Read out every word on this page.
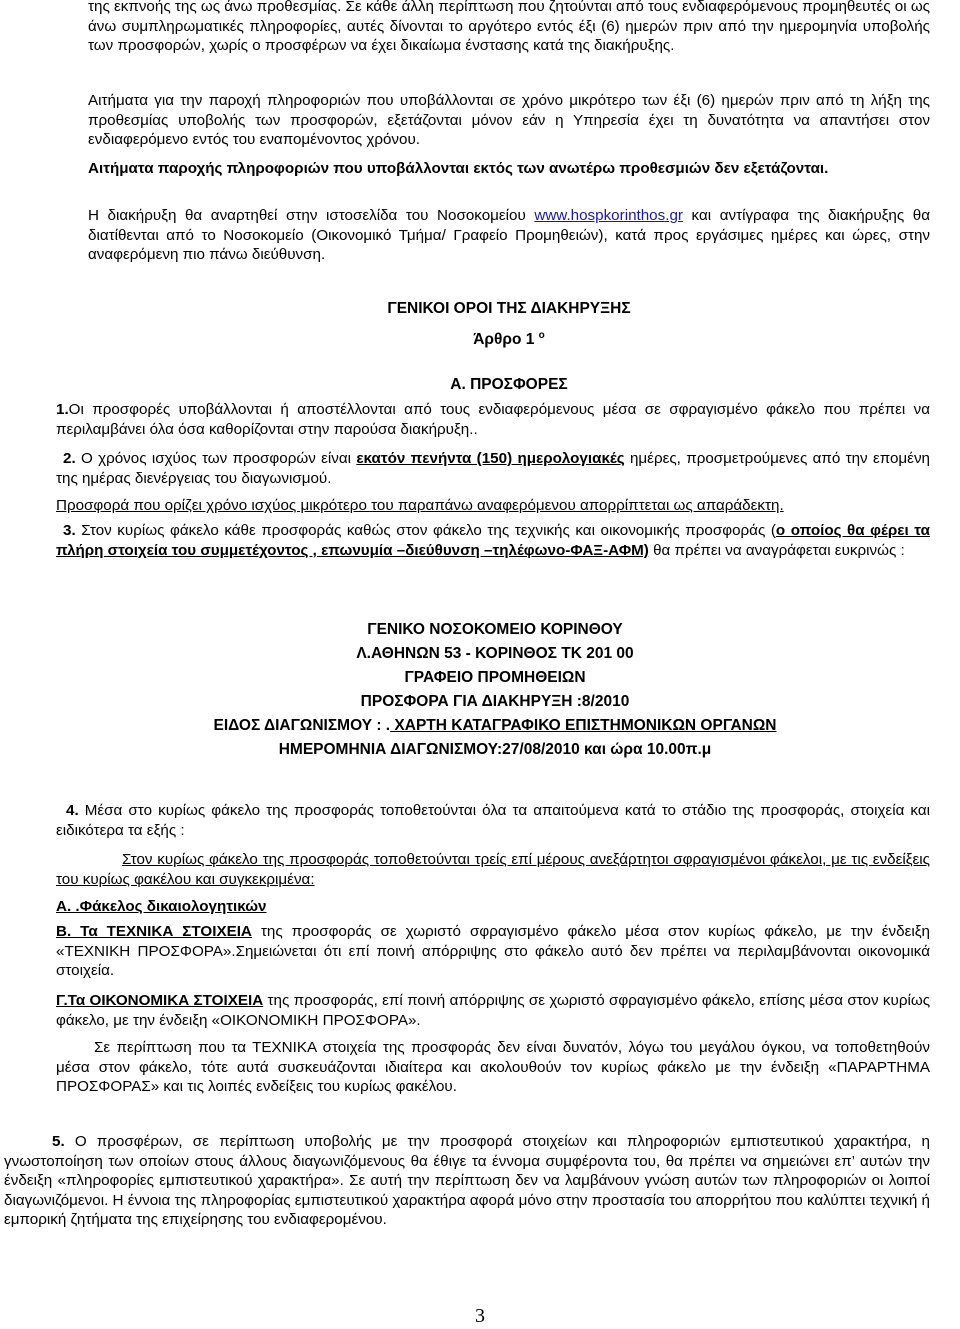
της εκπνοής της ως άνω προθεσμίας. Σε κάθε άλλη περίπτωση που ζητούνται από τους ενδιαφερόμενους προμηθευτές οι ως άνω συμπληρωματικές πληροφορίες, αυτές δίνονται το αργότερο εντός έξι (6) ημερών πριν από την ημερομηνία υποβολής των προσφορών, χωρίς ο προσφέρων να έχει δικαίωμα ένστασης κατά της διακήρυξης.

Αιτήματα για την παροχή πληροφοριών που υποβάλλονται σε χρόνο μικρότερο των έξι (6) ημερών πριν από τη λήξη της προθεσμίας υποβολής των προσφορών, εξετάζονται μόνον εάν η Υπηρεσία έχει τη δυνατότητα να απαντήσει στον ενδιαφερόμενο εντός του εναπομένοντος χρόνου.

Αιτήματα παροχής πληροφοριών που υποβάλλονται εκτός των ανωτέρω προθεσμιών δεν εξετάζονται.

Η διακήρυξη θα αναρτηθεί στην ιστοσελίδα του Νοσοκομείου www.hospkorinthos.gr και αντίγραφα της διακήρυξης θα διατίθενται από το Νοσοκομείο (Οικονομικό Τμήμα/ Γραφείο Προμηθειών), κατά προς εργάσιμες ημέρες και ώρες, στην αναφερόμενη πιο πάνω διεύθυνση.

ΓΕΝΙΚΟΙ ΟΡΟΙ ΤΗΣ ΔΙΑΚΗΡΥΞΗΣ
Άρθρο 1 $^o$
Α. ΠΡΟΣΦΟΡΕΣ

1.Οι προσφορές υποβάλλονται ή αποστέλλονται από τους ενδιαφερόμενους μέσα σε σφραγισμένο φάκελο που πρέπει να περιλαμβάνει όλα όσα καθορίζονται στην παρούσα διακήρυξη..

2. Ο χρόνος ισχύος των προσφορών είναι εκατόν πενήντα (150) ημερολογιακές ημέρες, προσμετρούμενες από την επομένη της ημέρας διενέργειας του διαγωνισμού.

Προσφορά που ορίζει χρόνο ισχύος μικρότερο του παραπάνω αναφερόμενου απορρίπτεται ως απαράδεκτη.

3. Στον κυρίως φάκελο κάθε προσφοράς καθώς στον φάκελο της τεχνικής και οικονομικής προσφοράς (ο οποίος θα φέρει τα πλήρη στοιχεία του συμμετέχοντος , επωνυμία –διεύθυνση –τηλέφωνο-ΦΑΞ-ΑΦΜ) θα πρέπει να αναγράφεται ευκρινώς :

ΓΕΝΙΚΟ ΝΟΣΟΚΟΜΕΙΟ ΚΟΡΙΝΘΟΥ
Λ.ΑΘΗΝΩΝ 53 - ΚΟΡΙΝΘΟΣ ΤΚ 201 00
ΓΡΑΦΕΙΟ ΠΡΟΜΗΘΕΙΩΝ
ΠΡΟΣΦΟΡΑ ΓΙΑ ΔΙΑΚΗΡΥΞΗ :8/2010
ΕΙΔΟΣ ΔΙΑΓΩΝΙΣΜΟΥ : . ΧΑΡΤΗ ΚΑΤΑΓΡΑΦΙΚΟ ΕΠΙΣΤΗΜΟΝΙΚΩΝ ΟΡΓΑΝΩΝ
ΗΜΕΡΟΜΗΝΙΑ ΔΙΑΓΩΝΙΣΜΟΥ:27/08/2010 και ώρα 10.00π.μ

4. Μέσα στο κυρίως φάκελο της προσφοράς τοποθετούνται όλα τα απαιτούμενα κατά το στάδιο της προσφοράς, στοιχεία και ειδικότερα τα εξής :

Στον κυρίως φάκελο της προσφοράς τοποθετούνται τρείς επί μέρους ανεξάρτητοι σφραγισμένοι φάκελοι, με τις ενδείξεις του κυρίως φακέλου και συγκεκριμένα:

Α. .Φάκελος δικαιολογητικών

Β. Τα ΤΕΧΝΙΚΑ ΣΤΟΙΧΕΙΑ της προσφοράς σε χωριστό σφραγισμένο φάκελο μέσα στον κυρίως φάκελο, με την ένδειξη «ΤΕΧΝΙΚΗ ΠΡΟΣΦΟΡΑ».Σημειώνεται ότι επί ποινή απόρριψης στο φάκελο αυτό δεν πρέπει να περιλαμβάνονται οικονομικά στοιχεία.

Γ.Τα ΟΙΚΟΝΟΜΙΚΑ ΣΤΟΙΧΕΙΑ της προσφοράς, επί ποινή απόρριψης σε χωριστό σφραγισμένο φάκελο, επίσης μέσα στον κυρίως φάκελο, με την ένδειξη «ΟΙΚΟΝΟΜΙΚΗ ΠΡΟΣΦΟΡΑ».

Σε περίπτωση που τα ΤΕΧΝΙΚΑ στοιχεία της προσφοράς δεν είναι δυνατόν, λόγω του μεγάλου όγκου, να τοποθετηθούν μέσα στον φάκελο, τότε αυτά συσκευάζονται ιδιαίτερα και ακολουθούν τον κυρίως φάκελο με την ένδειξη «ΠΑΡΑΡΤΗΜΑ ΠΡΟΣΦΟΡΑΣ» και τις λοιπές ενδείξεις του κυρίως φακέλου.

5. Ο προσφέρων, σε περίπτωση υποβολής με την προσφορά στοιχείων και πληροφοριών εμπιστευτικού χαρακτήρα, η γνωστοποίηση των οποίων στους άλλους διαγωνιζόμενους θα έθιγε τα έννομα συμφέροντα του, θα πρέπει να σημειώνει επ’ αυτών την ένδειξη «πληροφορίες εμπιστευτικού χαρακτήρα». Σε αυτή την περίπτωση δεν να λαμβάνουν γνώση αυτών των πληροφοριών οι λοιποί διαγωνιζόμενοι. Η έννοια της πληροφορίας εμπιστευτικού χαρακτήρα αφορά μόνο στην προστασία του απορρήτου που καλύπτει τεχνική ή εμπορική ζητήματα της επιχείρησης του ενδιαφερομένου.

3
